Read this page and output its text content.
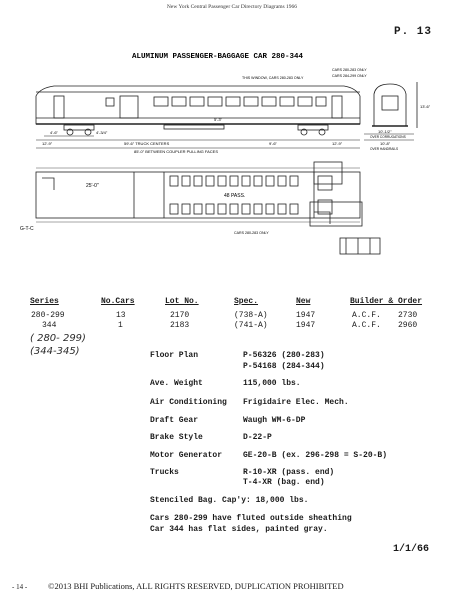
New York Central Passenger Car Directory Diagrams 1966
P. 13
ALUMINUM PASSENGER-BAGGAGE CAR 280-344
CARS 280-283 ONLY
CARS 284-299 ONLY
THIS WINDOW, CARS 280-283 ONLY
4'-6"	4'-3/4"
12'-9"
5'-3"
59'-6" TRUCK CENTERS
85'-0" BETWEEN COUPLER PULLING FACES
9'-6"	12'-9"
13'-6"
10'-1/2"
OVER CORRUGATIONS
10'-8"
OVER HANDRAILS
25'-0"
48 PASS.
G-T-C
CARS 280-283 ONLY
Series	No.Cars	Lot No.	Spec.	New	Builder & Order
280-299	13	2170	(738-A)	1947	A.C.F. 2730
344	1	2183	(741-A)	1947	A.C.F. 2960
( 280- 299)
(344-345)	Floor Plan	P-56326 (280-283)
P-54168 (284-344)
Ave. Weight	115,000 lbs.
Air Conditioning Frigidaire Elec. Mech.
Draft Gear	Waugh WM-6-DP
Brake Style	D-22-P
Motor Generator	GE-20-B (ex. 296-298 = S-20-B)
Trucks	R-10-XR (pass. end)
T-4-XR (bag. end)
Stenciled Bag. Cap'y: 18,000 lbs.
Cars 280-299 have fluted outside sheathing
Car 344 has flat sides, painted gray.
1/1/66
- 14 - ©2013 BHI Publications, ALL RIGHTS RESERVED, DUPLICATION PROHIBITED
